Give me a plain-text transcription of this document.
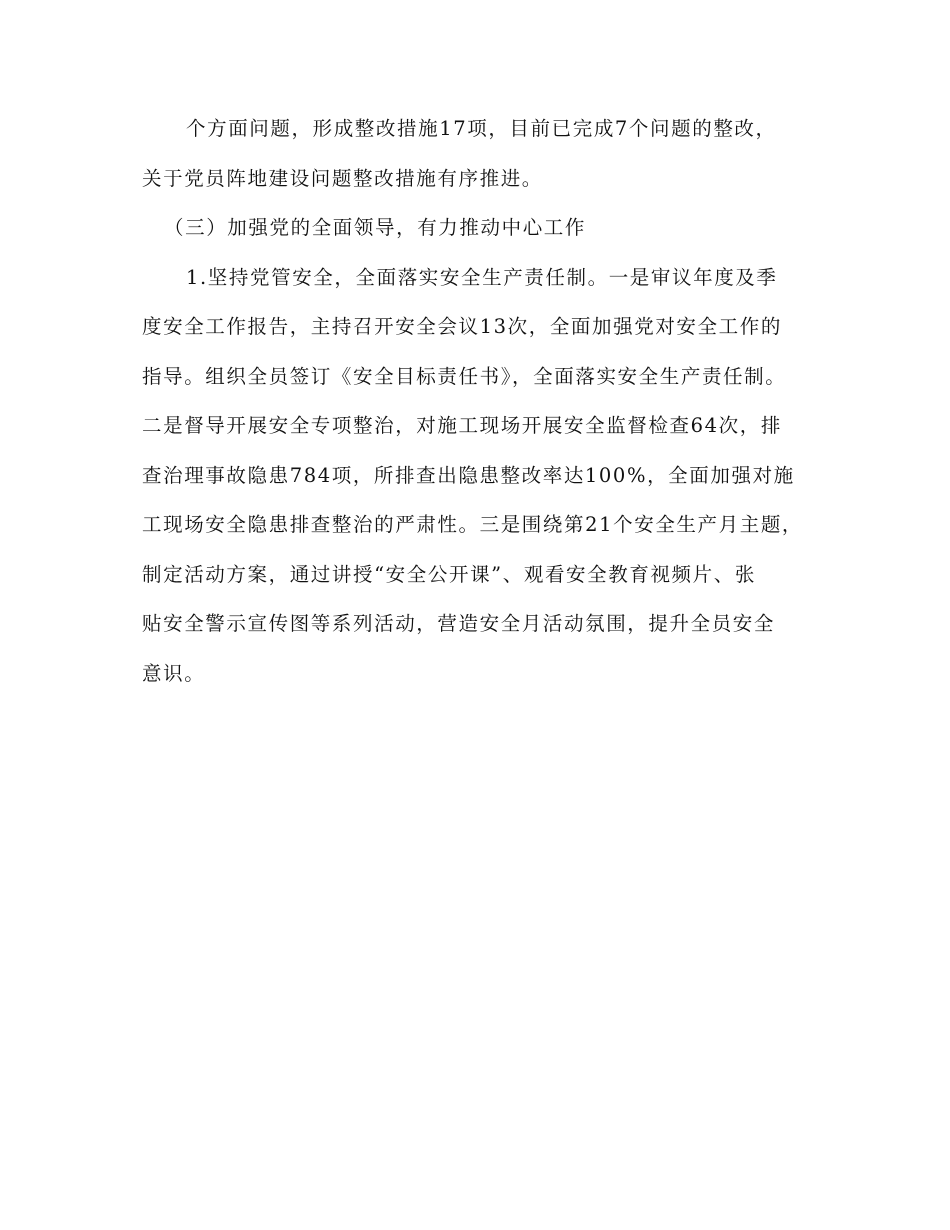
个方面问题，形成整改措施17项，目前已完成7个问题的整改，
关于党员阵地建设问题整改措施有序推进。
（三）加强党的全面领导，有力推动中心工作
1.坚持党管安全，全面落实安全生产责任制。一是审议年度及季
度安全工作报告，主持召开安全会议13次，全面加强党对安全工作的
指导。组织全员签订《安全目标责任书》，全面落实安全生产责任制。
二是督导开展安全专项整治，对施工现场开展安全监督检查64次，排
查治理事故隐患784项，所排查出隐患整改率达100%，全面加强对施
工现场安全隐患排查整治的严肃性。三是围绕第21个安全生产月主题，
制定活动方案，通过讲授“安全公开课”、观看安全教育视频片、张
贴安全警示宣传图等系列活动，营造安全月活动氛围，提升全员安全
意识。
